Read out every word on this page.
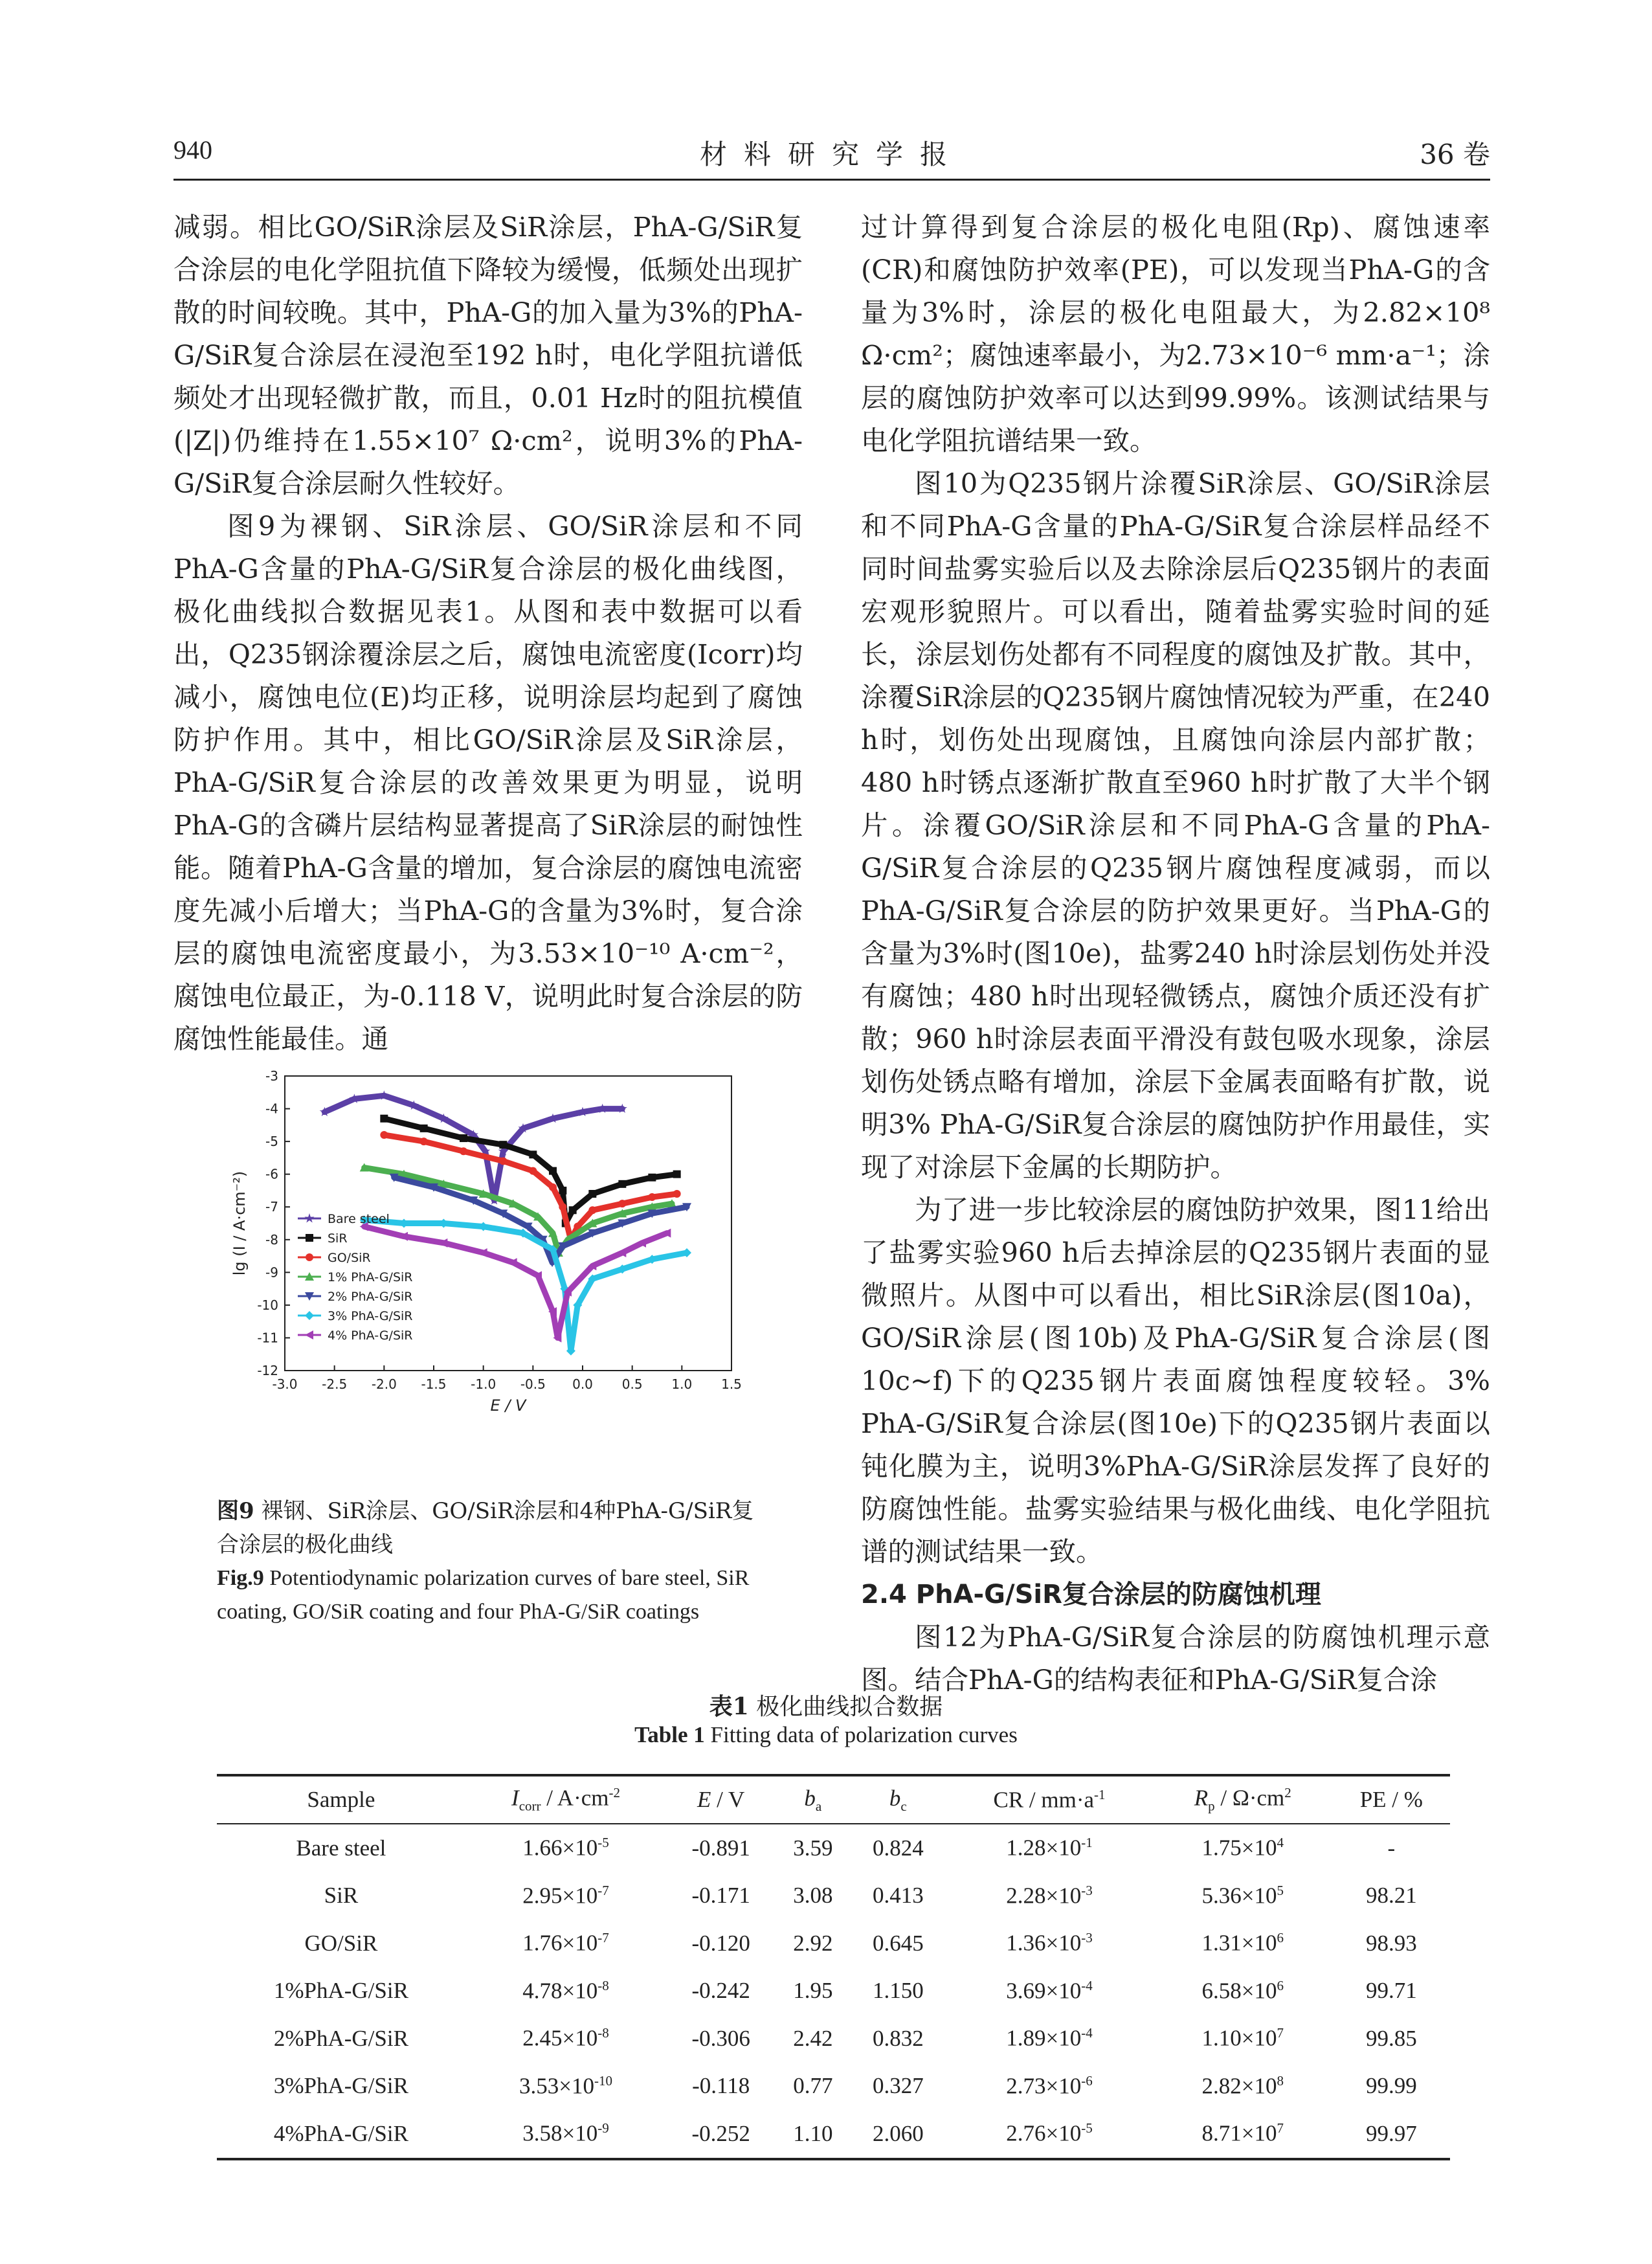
940	材料研究学报	36 卷

减弱。相比GO/SiR涂层及SiR涂层，PhA-G/SiR复合涂层的电化学阻抗值下降较为缓慢，低频处出现扩散的时间较晚。其中，PhA-G的加入量为3%的PhA-G/SiR复合涂层在浸泡至192 h时，电化学阻抗谱低频处才出现轻微扩散，而且，0.01 Hz时的阻抗模值(|Z|)仍维持在1.55×10⁷ Ω·cm²，说明3%的PhA-G/SiR复合涂层耐久性较好。

图9为裸钢、SiR涂层、GO/SiR涂层和不同PhA-G含量的PhA-G/SiR复合涂层的极化曲线图，极化曲线拟合数据见表1。从图和表中数据可以看出，Q235钢涂覆涂层之后，腐蚀电流密度(Icorr)均减小，腐蚀电位(E)均正移，说明涂层均起到了腐蚀防护作用。其中，相比GO/SiR涂层及SiR涂层，PhA-G/SiR复合涂层的改善效果更为明显，说明PhA-G的含磷片层结构显著提高了SiR涂层的耐蚀性能。随着PhA-G含量的增加，复合涂层的腐蚀电流密度先减小后增大；当PhA-G的含量为3%时，复合涂层的腐蚀电流密度最小，为3.53×10⁻¹⁰ A·cm⁻²，腐蚀电位最正，为-0.118 V，说明此时复合涂层的防腐蚀性能最佳。通

过计算得到复合涂层的极化电阻(Rp)、腐蚀速率(CR)和腐蚀防护效率(PE)，可以发现当PhA-G的含量为3%时，涂层的极化电阻最大，为2.82×10⁸ Ω·cm²；腐蚀速率最小，为2.73×10⁻⁶ mm·a⁻¹；涂层的腐蚀防护效率可以达到99.99%。该测试结果与电化学阻抗谱结果一致。

图10为Q235钢片涂覆SiR涂层、GO/SiR涂层和不同PhA-G含量的PhA-G/SiR复合涂层样品经不同时间盐雾实验后以及去除涂层后Q235钢片的表面宏观形貌照片。可以看出，随着盐雾实验时间的延长，涂层划伤处都有不同程度的腐蚀及扩散。其中，涂覆SiR涂层的Q235钢片腐蚀情况较为严重，在240 h时，划伤处出现腐蚀，且腐蚀向涂层内部扩散；480 h时锈点逐渐扩散直至960 h时扩散了大半个钢片。涂覆GO/SiR涂层和不同PhA-G含量的PhA-G/SiR复合涂层的Q235钢片腐蚀程度减弱，而以PhA-G/SiR复合涂层的防护效果更好。当PhA-G的含量为3%时(图10e)，盐雾240 h时涂层划伤处并没有腐蚀；480 h时出现轻微锈点，腐蚀介质还没有扩散；960 h时涂层表面平滑没有鼓包吸水现象，涂层划伤处锈点略有增加，涂层下金属表面略有扩散，说明3% PhA-G/SiR复合涂层的腐蚀防护作用最佳，实现了对涂层下金属的长期防护。

为了进一步比较涂层的腐蚀防护效果，图11给出了盐雾实验960 h后去掉涂层的Q235钢片表面的显微照片。从图中可以看出，相比SiR涂层(图10a)，GO/SiR涂层(图10b)及PhA-G/SiR复合涂层(图10c~f)下的Q235钢片表面腐蚀程度较轻。3% PhA-G/SiR复合涂层(图10e)下的Q235钢片表面以钝化膜为主，说明3%PhA-G/SiR涂层发挥了良好的防腐蚀性能。盐雾实验结果与极化曲线、电化学阻抗谱的测试结果一致。

2.4 PhA-G/SiR复合涂层的防腐蚀机理

图12为PhA-G/SiR复合涂层的防腐蚀机理示意图。结合PhA-G的结构表征和PhA-G/SiR复合涂

-3.0 -2.5 -2.0 -1.5 -1.0 -0.5 0.0 0.5 1.0 1.5
-3
-4
-5
-6
-7
-8
-9
-10
-11
-12
E / V
lg (I / A·cm⁻²)	Bare steel
SiR
GO/SiR
1% PhA-G/SiR
2% PhA-G/SiR
3% PhA-G/SiR
4% PhA-G/SiR
图9 裸钢、SiR涂层、GO/SiR涂层和4种PhA-G/SiR复合涂层的极化曲线
Fig.9 Potentiodynamic polarization curves of bare steel, SiR coating, GO/SiR coating and four PhA-G/SiR coatings
表1 极化曲线拟合数据
Table 1 Fitting data of polarization curves
Sample	$I_{corr} / A\cdot cm^{-2}$	E / V	$b_a$	$b_c$	CR / $mm\cdot a^{-1}$	$R_p / \Omega\cdot cm^2$	PE / %
Bare steel	$1.66\times 10^{-5}$	-0.891	3.59	0.824	$1.28\times 10^{-1}$	$1.75\times 10^4$	-
SiR	$2.95\times 10^{-7}$	-0.171	3.08	0.413	$2.28\times 10^{-3}$	$5.36\times 10^5$	98.21
GO/SiR	$1.76\times 10^{-7}$	-0.120	2.92	0.645	$1.36\times 10^{-3}$	$1.31\times 10^6$	98.93
1%PhA-G/SiR	$4.78\times 10^{-8}$	-0.242	1.95	1.150	$3.69\times 10^{-4}$	$6.58\times 10^6$	99.71
2%PhA-G/SiR	$2.45\times 10^{-8}$	-0.306	2.42	0.832	$1.89\times 10^{-4}$	$1.10\times 10^7$	99.85
3%PhA-G/SiR	$3.53\times 10^{-10}$	-0.118	0.77	0.327	$2.73\times 10^{-6}$	$2.82\times 10^8$	99.99
4%PhA-G/SiR	$3.58\times 10^{-9}$	-0.252	1.10	2.060	$2.76\times 10^{-5}$	$8.71\times 10^7$	99.97
